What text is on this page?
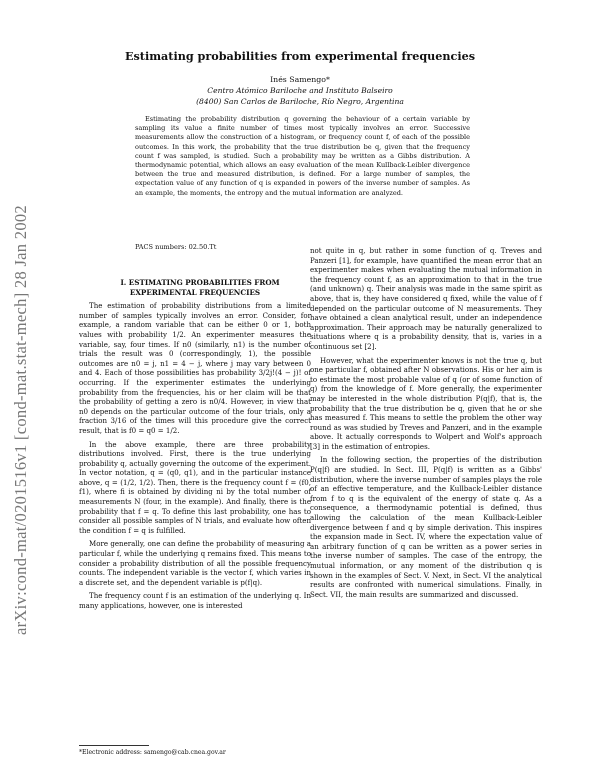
arXiv:cond-mat/0201516v1 [cond-mat.stat-mech] 28 Jan 2002
Estimating probabilities from experimental frequencies
Inés Samengo*
Centro Atómico Bariloche and Instituto Balseiro
(8400) San Carlos de Bariloche, Río Negro, Argentina
Estimating the probability distribution q governing the behaviour of a certain variable by sampling its value a finite number of times most typically involves an error. Successive measurements allow the construction of a histogram, or frequency count f, of each of the possible outcomes. In this work, the probability that the true distribution be q, given that the frequency count f was sampled, is studied. Such a probability may be written as a Gibbs distribution. A thermodynamic potential, which allows an easy evaluation of the mean Kullback-Leibler divergence between the true and measured distribution, is defined. For a large number of samples, the expectation value of any function of q is expanded in powers of the inverse number of samples. As an example, the moments, the entropy and the mutual information are analyzed.
PACS numbers: 02.50.Tt

I. ESTIMATING PROBABILITIES FROM EXPERIMENTAL FREQUENCIES

The estimation of probability distributions from a limited number of samples typically involves an error. Consider, for example, a random variable that can be either 0 or 1, both values with probability 1/2. An experimenter measures the variable, say, four times. If n0 (similarly, n1) is the number of trials the result was 0 (correspondingly, 1), the possible outcomes are n0 = j, n1 = 4 − j, where j may vary between 0 and 4. Each of those possibilities has probability 3/2j!(4 − j)! of occurring. If the experimenter estimates the underlying probability from the frequencies, his or her claim will be that the probability of getting a zero is n0/4. However, in view that n0 depends on the particular outcome of the four trials, only a fraction 3/16 of the times will this procedure give the correct result, that is f0 = q0 = 1/2.

In the above example, there are three probability distributions involved. First, there is the true underlying probability q, actually governing the outcome of the experiment. In vector notation, q = (q0, q1), and in the particular instance above, q = (1/2, 1/2). Then, there is the frequency count f = (f0, f1), where fi is obtained by dividing ni by the total number of measurements N (four, in the example). And finally, there is the probability that f = q. To define this last probability, one has to consider all possible samples of N trials, and evaluate how often the condition f = q is fulfilled.

More generally, one can define the probability of measuring a particular f, while the underlying q remains fixed. This means to consider a probability distribution of all the possible frequency counts. The independent variable is the vector f, which varies in a discrete set, and the dependent variable is p(f|q).

The frequency count f is an estimation of the underlying q. In many applications, however, one is interested

not quite in q, but rather in some function of q. Treves and Panzeri [1], for example, have quantified the mean error that an experimenter makes when evaluating the mutual information in the frequency count f, as an approximation to that in the true (and unknown) q. Their analysis was made in the same spirit as above, that is, they have considered q fixed, while the value of f depended on the particular outcome of N measurements. They have obtained a clean analytical result, under an independence approximation. Their approach may be naturally generalized to situations where q is a probability density, that is, varies in a continuous set [2].

However, what the experimenter knows is not the true q, but one particular f, obtained after N observations. His or her aim is to estimate the most probable value of q (or of some function of q) from the knowledge of f. More generally, the experimenter may be interested in the whole distribution P(q|f), that is, the probability that the true distribution be q, given that he or she has measured f. This means to settle the problem the other way round as was studied by Treves and Panzeri, and in the example above. It actually corresponds to Wolpert and Wolf's approach [3] in the estimation of entropies.

In the following section, the properties of the distribution P(q|f) are studied. In Sect. III, P(q|f) is written as a Gibbs' distribution, where the inverse number of samples plays the role of an effective temperature, and the Kullback-Leibler distance from f to q is the equivalent of the energy of state q. As a consequence, a thermodynamic potential is defined, thus allowing the calculation of the mean Kullback-Leibler divergence between f and q by simple derivation. This inspires the expansion made in Sect. IV, where the expectation value of an arbitrary function of q can be written as a power series in the inverse number of samples. The case of the entropy, the mutual information, or any moment of the distribution q is shown in the examples of Sect. V. Next, in Sect. VI the analytical results are confronted with numerical simulations. Finally, in Sect. VII, the main results are summarized and discussed.

*Electronic address: samengo@cab.cnea.gov.ar
